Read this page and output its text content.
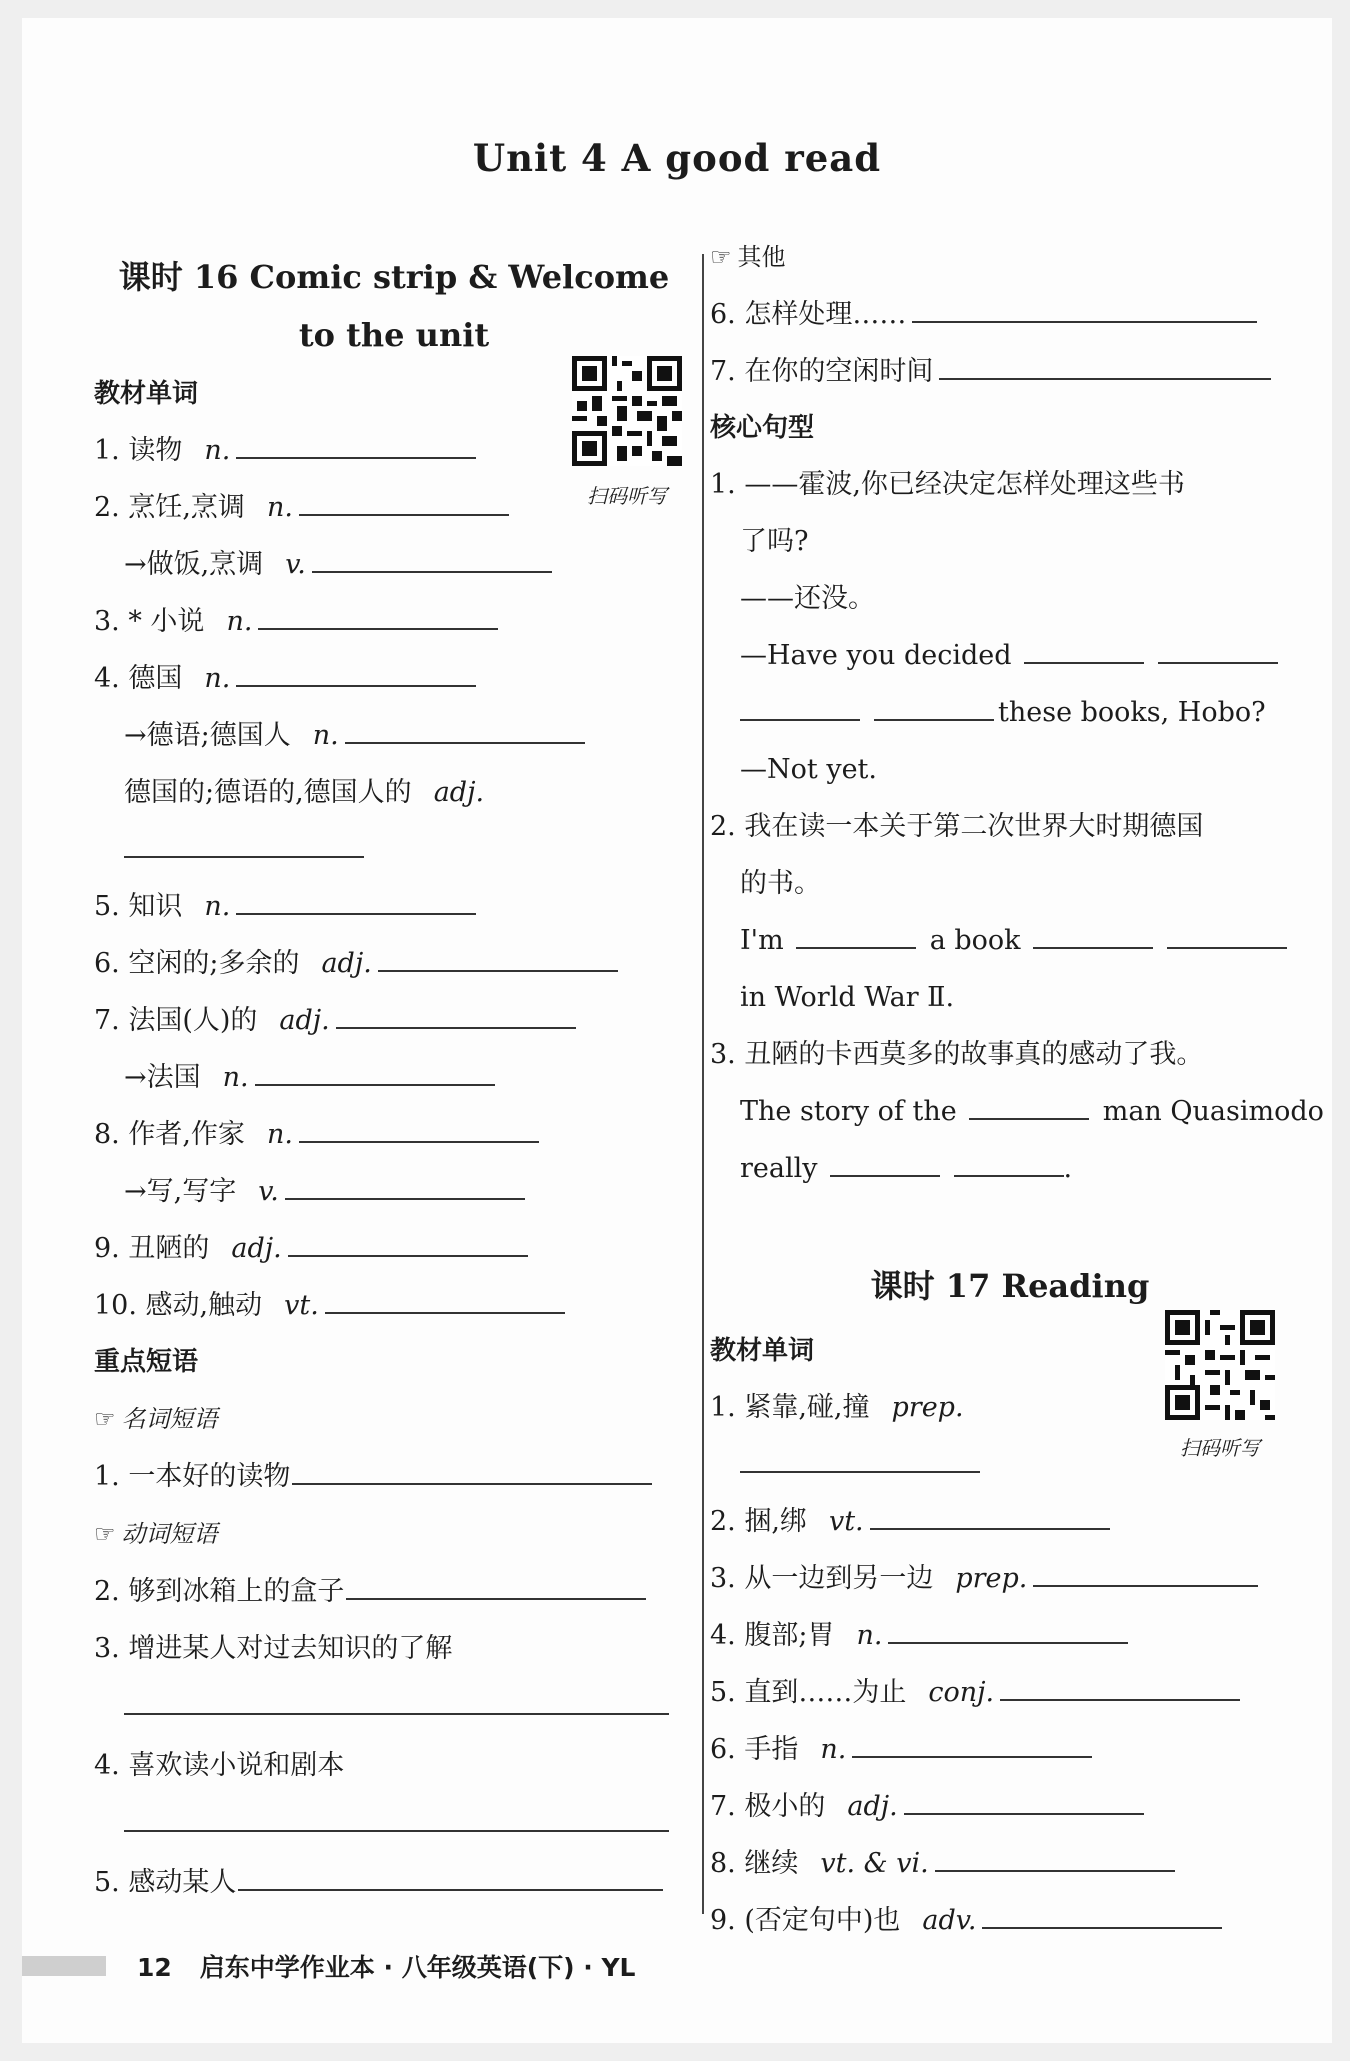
Unit 4 A good read
课时 16 Comic strip & Welcome
to the unit
教材单词
1. 读物 n.
2. 烹饪,烹调 n.
→做饭,烹调 v.
3. * 小说 n.
4. 德国 n.
→德语;德国人 n.
德国的;德语的,德国人的 adj.
5. 知识 n.
6. 空闲的;多余的 adj.
7. 法国(人)的 adj.
→法国 n.
8. 作者,作家 n.
→写,写字 v.
9. 丑陋的 adj.
10. 感动,触动 vt.
重点短语
☞ 名词短语
1. 一本好的读物
☞ 动词短语
2. 够到冰箱上的盒子
3. 增进某人对过去知识的了解
4. 喜欢读小说和剧本
5. 感动某人
扫码听写
☞ 其他
6. 怎样处理……
7. 在你的空闲时间
核心句型
1. ——霍波,你已经决定怎样处理这些书
了吗?
——还没。
—Have you decided
these books, Hobo?
—Not yet.
2. 我在读一本关于第二次世界大时期德国
的书。
I'm	a book
in World War Ⅱ.
3. 丑陋的卡西莫多的故事真的感动了我。
The story of the	man Quasimodo
really	.
课时 17 Reading
教材单词
1. 紧靠,碰,撞 prep.
2. 捆,绑 vt.
3. 从一边到另一边 prep.
4. 腹部;胃 n.
5. 直到……为止 conj.
6. 手指 n.
7. 极小的 adj.
8. 继续 vt. & vi.
9. (否定句中)也 adv.
扫码听写
12 启东中学作业本 · 八年级英语(下) · YL
